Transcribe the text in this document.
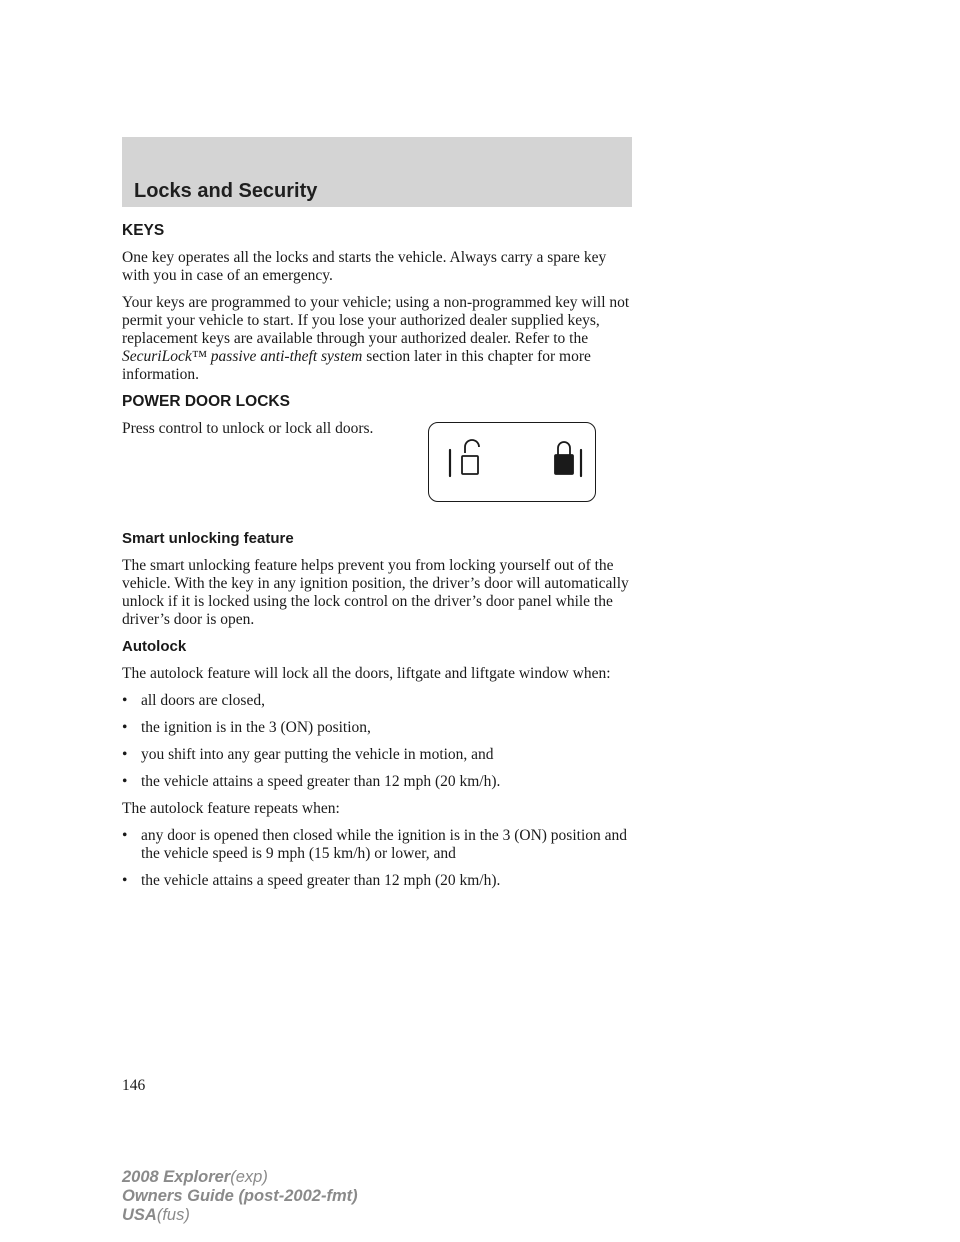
Locks and Security
KEYS

One key operates all the locks and starts the vehicle. Always carry a spare key with you in case of an emergency.

Your keys are programmed to your vehicle; using a non-programmed key will not permit your vehicle to start. If you lose your authorized dealer supplied keys, replacement keys are available through your authorized dealer. Refer to the SecuriLock™ passive anti-theft system section later in this chapter for more information.

POWER DOOR LOCKS

Press control to unlock or lock all doors.

Smart unlocking feature

The smart unlocking feature helps prevent you from locking yourself out of the vehicle. With the key in any ignition position, the driver’s door will automatically unlock if it is locked using the lock control on the driver’s door panel while the driver’s door is open.

Autolock

The autolock feature will lock all the doors, liftgate and liftgate window when:

• all doors are closed,
• the ignition is in the 3 (ON) position,
• you shift into any gear putting the vehicle in motion, and
• the vehicle attains a speed greater than 12 mph (20 km/h).

The autolock feature repeats when:

• any door is opened then closed while the ignition is in the 3 (ON) position and the vehicle speed is 9 mph (15 km/h) or lower, and
• the vehicle attains a speed greater than 12 mph (20 km/h).
146
2008 Explorer(exp)
Owners Guide (post-2002-fmt)
USA(fus)
